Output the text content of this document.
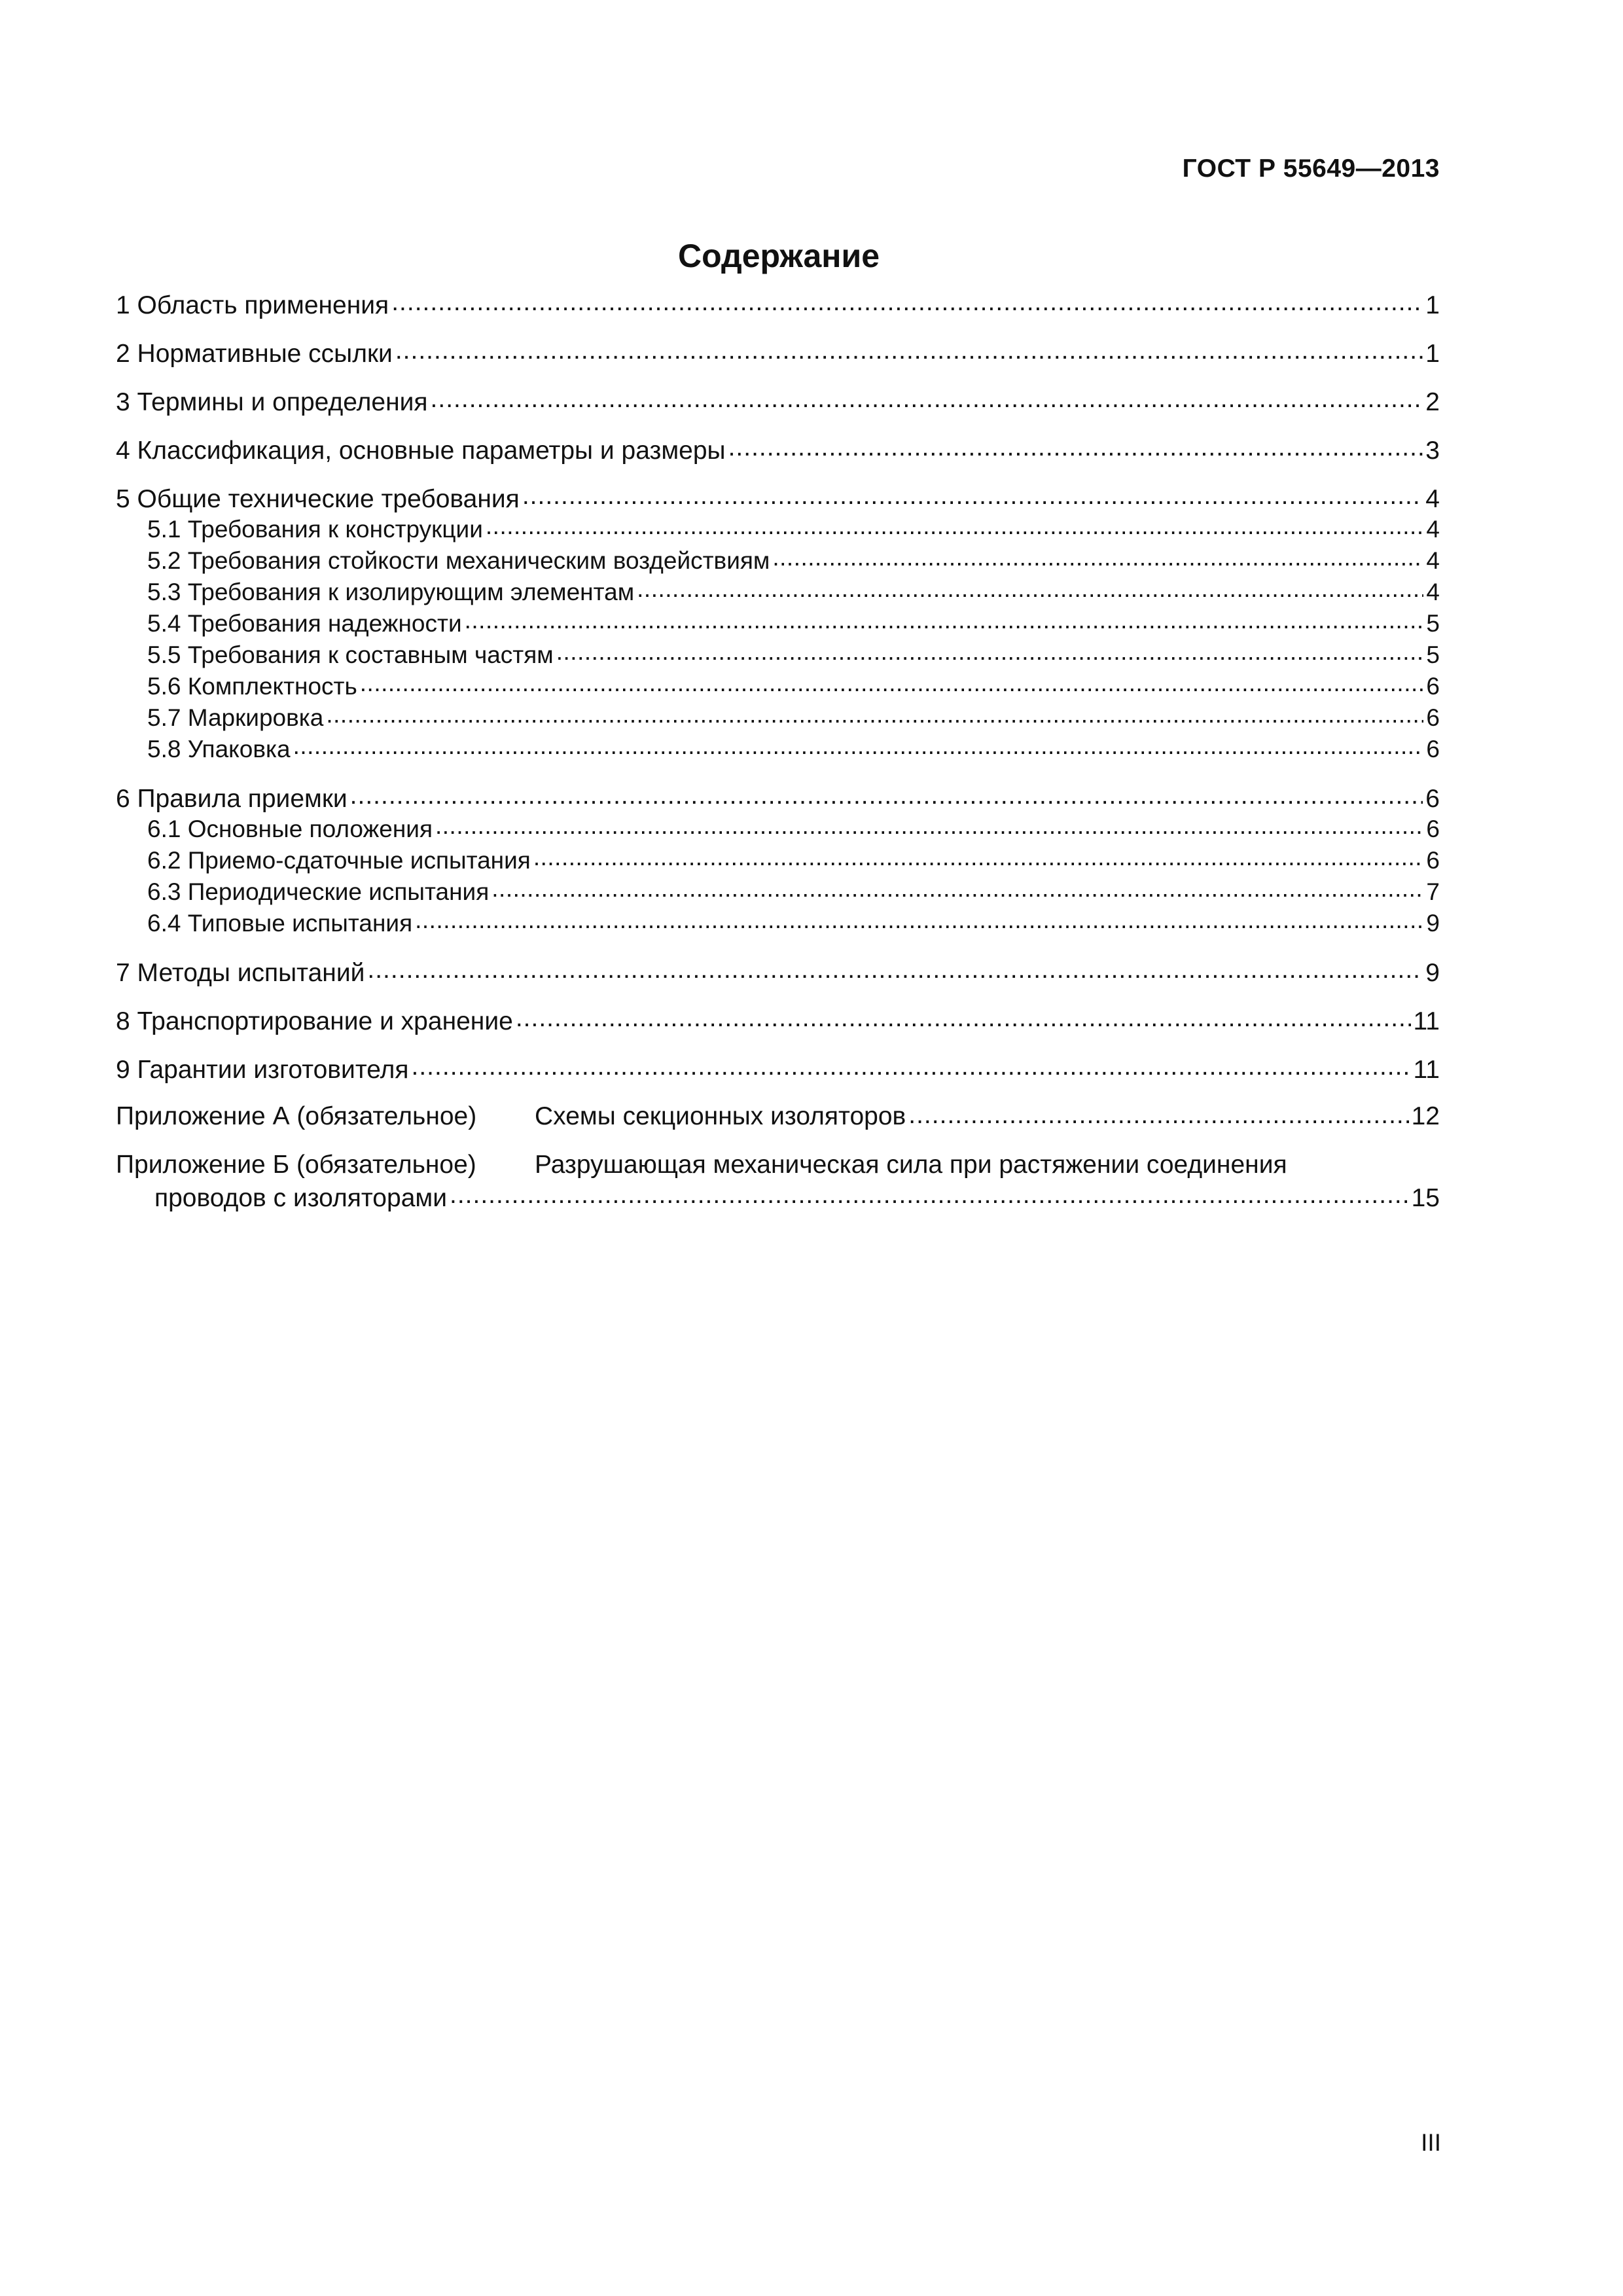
ГОСТ Р 55649—2013
Содержание
1 Область применения .....	1
2 Нормативные ссылки .....	1
3 Термины и определения .....	2
4 Классификация, основные параметры и размеры .....	3
5 Общие технические требования .....	4
5.1 Требования к конструкции .....	4
5.2 Требования стойкости механическим воздействиям .....	4
5.3 Требования к изолирующим элементам .....	4
5.4 Требования надежности .....	5
5.5 Требования к составным частям .....	5
5.6 Комплектность .....	6
5.7 Маркировка .....	6
5.8 Упаковка .....	6
6 Правила приемки .....	6
6.1 Основные положения .....	6
6.2 Приемо-сдаточные испытания .....	6
6.3 Периодические испытания .....	7
6.4 Типовые испытания .....	9
7 Методы испытаний .....	9
8 Транспортирование и хранение .....	11
9 Гарантии изготовителя .....	11
Приложение А (обязательное)	Схемы секционных изоляторов .....	12
Приложение Б (обязательное)	Разрушающая механическая сила при растяжении соединения
проводов с изоляторами .....	15
III
